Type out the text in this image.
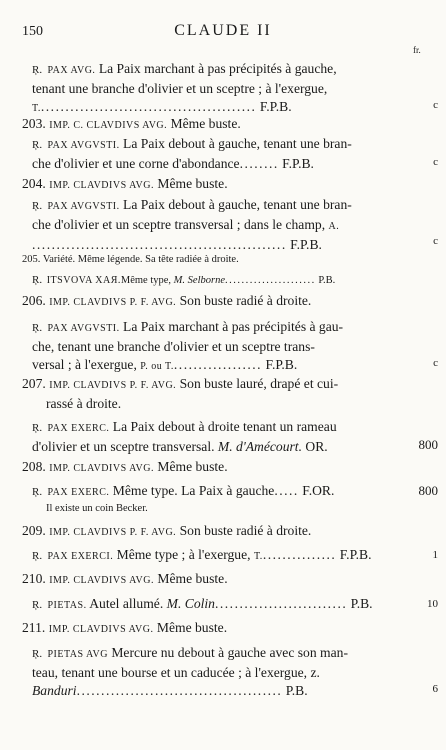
150	CLAUDE II
fr.
Ŗ. PAX AVG. La Paix marchant à pas précipités à gauche,
tenant une branche d'olivier et un sceptre ; à l'exergue,
T............................................. F.P.B.	c
203. IMP. C. CLAVDIVS AVG. Même buste.
Ŗ. PAX AVGVSTI. La Paix debout à gauche, tenant une bran-
che d'olivier et une corne d'abondance........ F.P.B.	c
204. IMP. CLAVDIVS AVG. Même buste.
Ŗ. PAX AVGVSTI. La Paix debout à gauche, tenant une bran-
che d'olivier et un sceptre transversal ; dans le champ, A.
.................................................... F.P.B.	c
205. Variété. Même légende. Sa tête radiée à droite.
Ŗ. ITSVOVA XAЯ.Même type, M. Selborne...................... P.B.
206. IMP. CLAVDIVS P. F. AVG. Son buste radié à droite.
Ŗ. PAX AVGVSTI. La Paix marchant à pas précipités à gau-
che, tenant une branche d'olivier et un sceptre trans-
versal ; à l'exergue, P. ou T................... F.P.B.	c
207. IMP. CLAVDIVS P. F. AVG. Son buste lauré, drapé et cui-
rassé à droite.
Ŗ. PAX EXERC. La Paix debout à droite tenant un rameau
d'olivier et un sceptre transversal. M. d'Amécourt. OR.	800
208. IMP. CLAVDIVS AVG. Même buste.
Ŗ. PAX EXERC. Même type. La Paix à gauche..... F.OR.	800
Il existe un coin Becker.
209. IMP. CLAVDIVS P. F. AVG. Son buste radié à droite.
Ŗ. PAX EXERCI. Même type ; à l'exergue, T................ F.P.B.	1
210. IMP. CLAVDIVS AVG. Même buste.
Ŗ. PIETAS. Autel allumé. M. Colin........................... P.B.	10
211. IMP. CLAVDIVS AVG. Même buste.
Ŗ. PIETAS AVG Mercure nu debout à gauche avec son man-
teau, tenant une bourse et un caducée ; à l'exergue, z.
Banduri.......................................... P.B.	6
